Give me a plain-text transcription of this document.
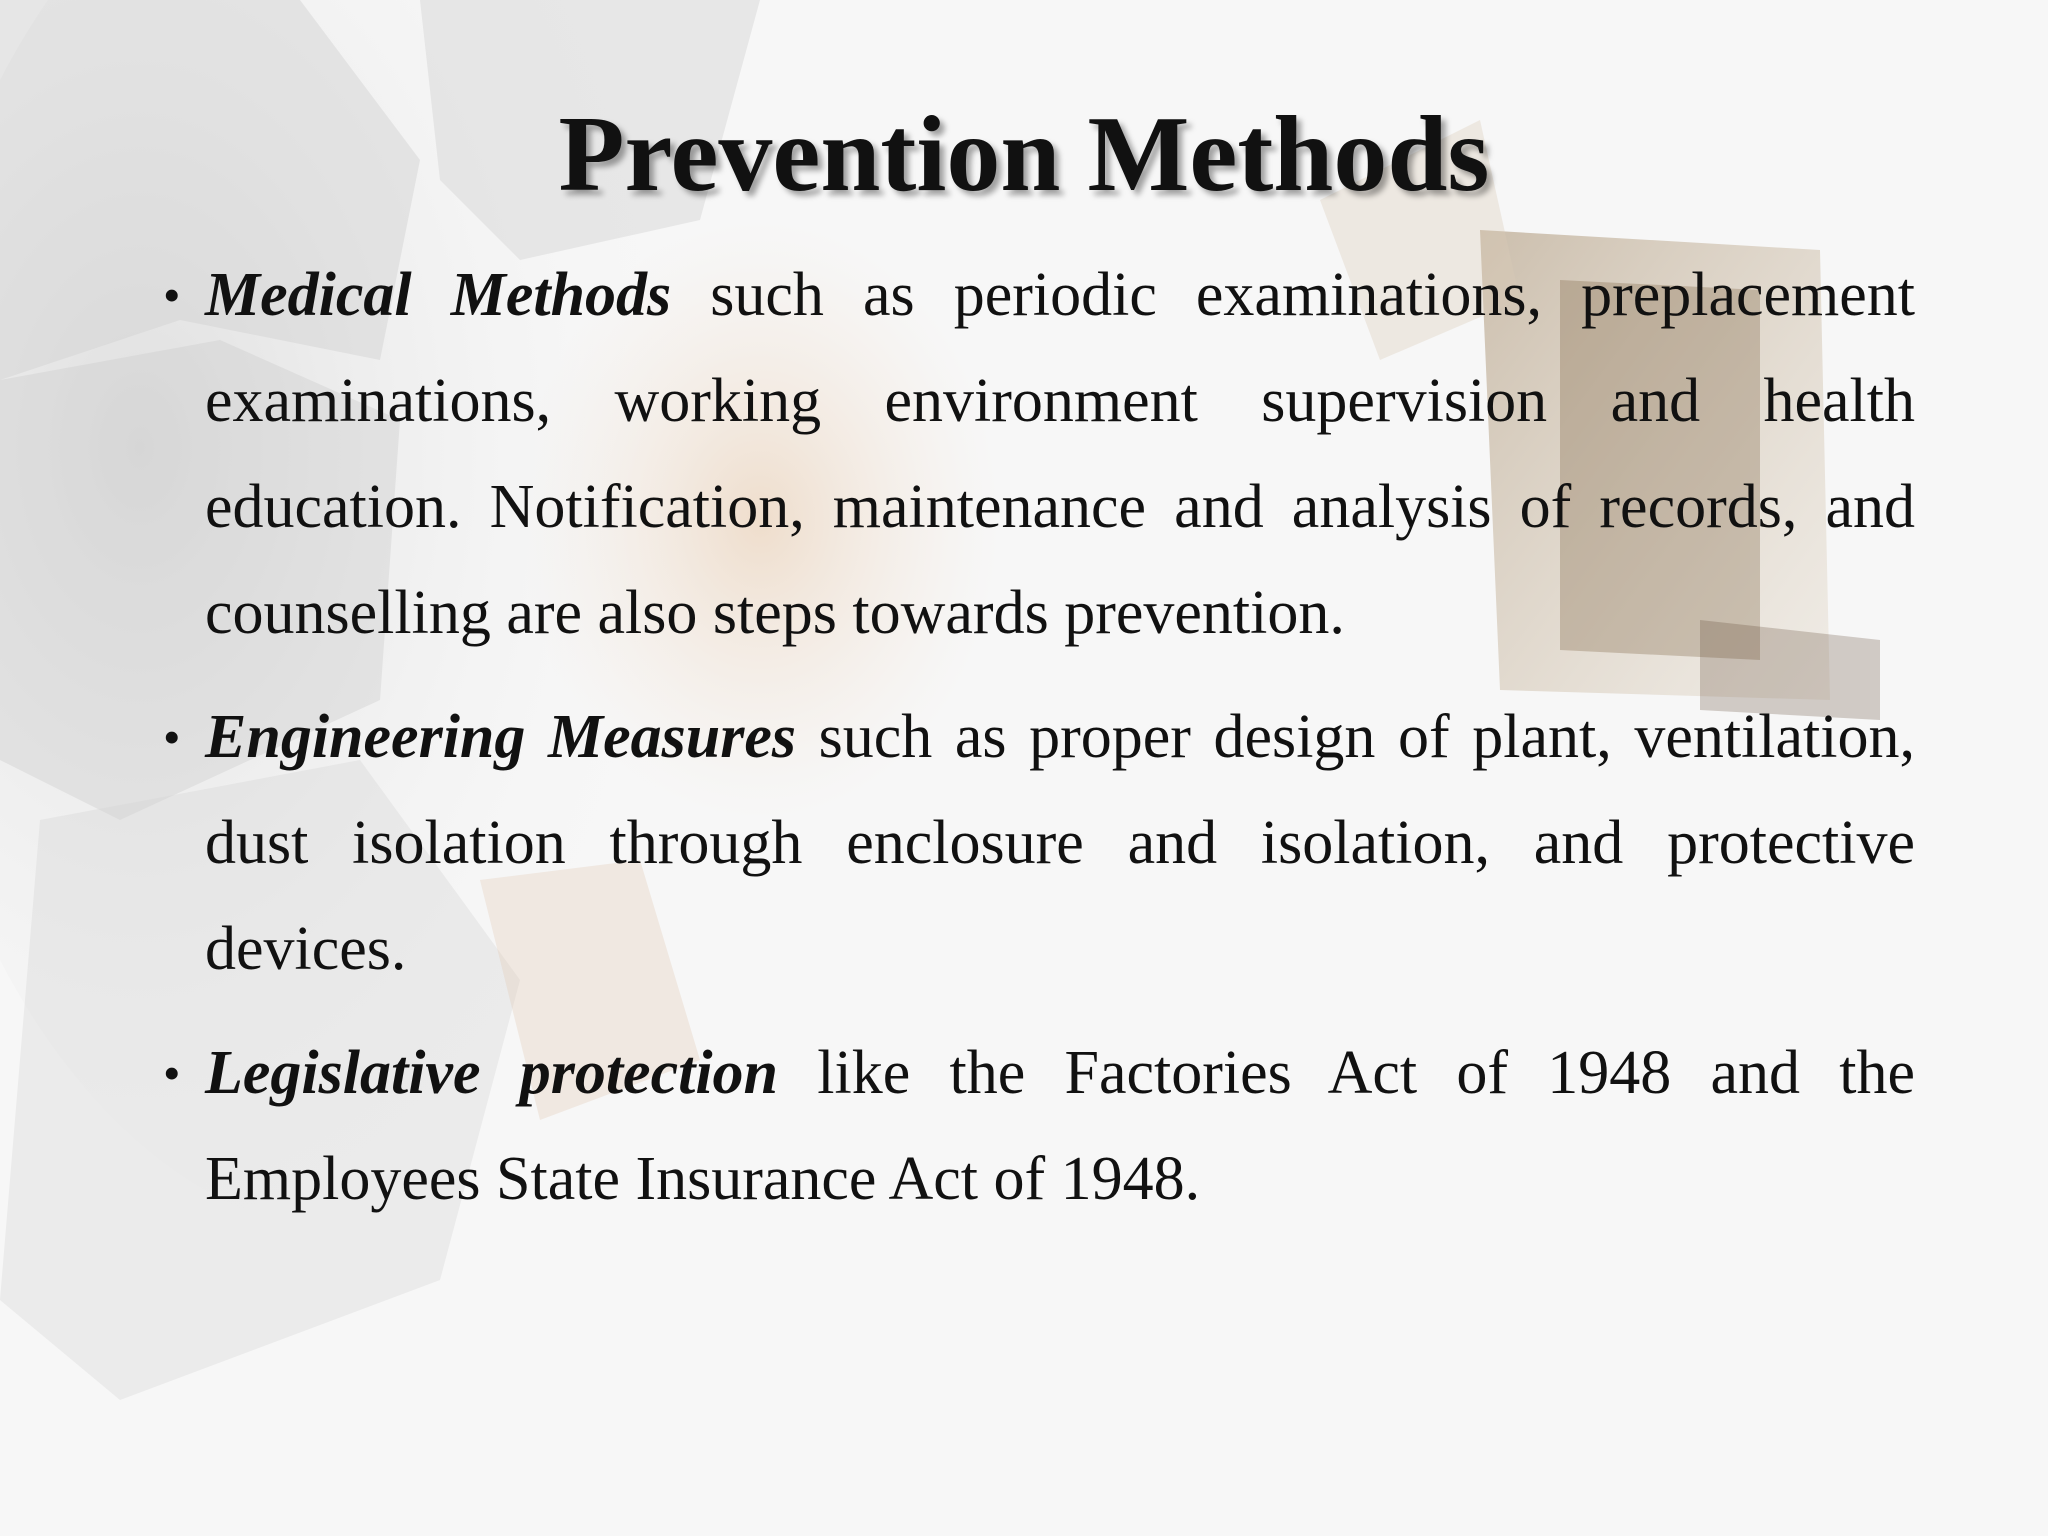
Prevention Methods
• Medical Methods such as periodic examinations, preplacement examinations, working environment supervision and health education. Notification, maintenance and analysis of records, and counselling are also steps towards prevention.
• Engineering Measures such as proper design of plant, ventilation, dust isolation through enclosure and isolation, and protective devices.
• Legislative protection like the Factories Act of 1948 and the Employees State Insurance Act of 1948.
